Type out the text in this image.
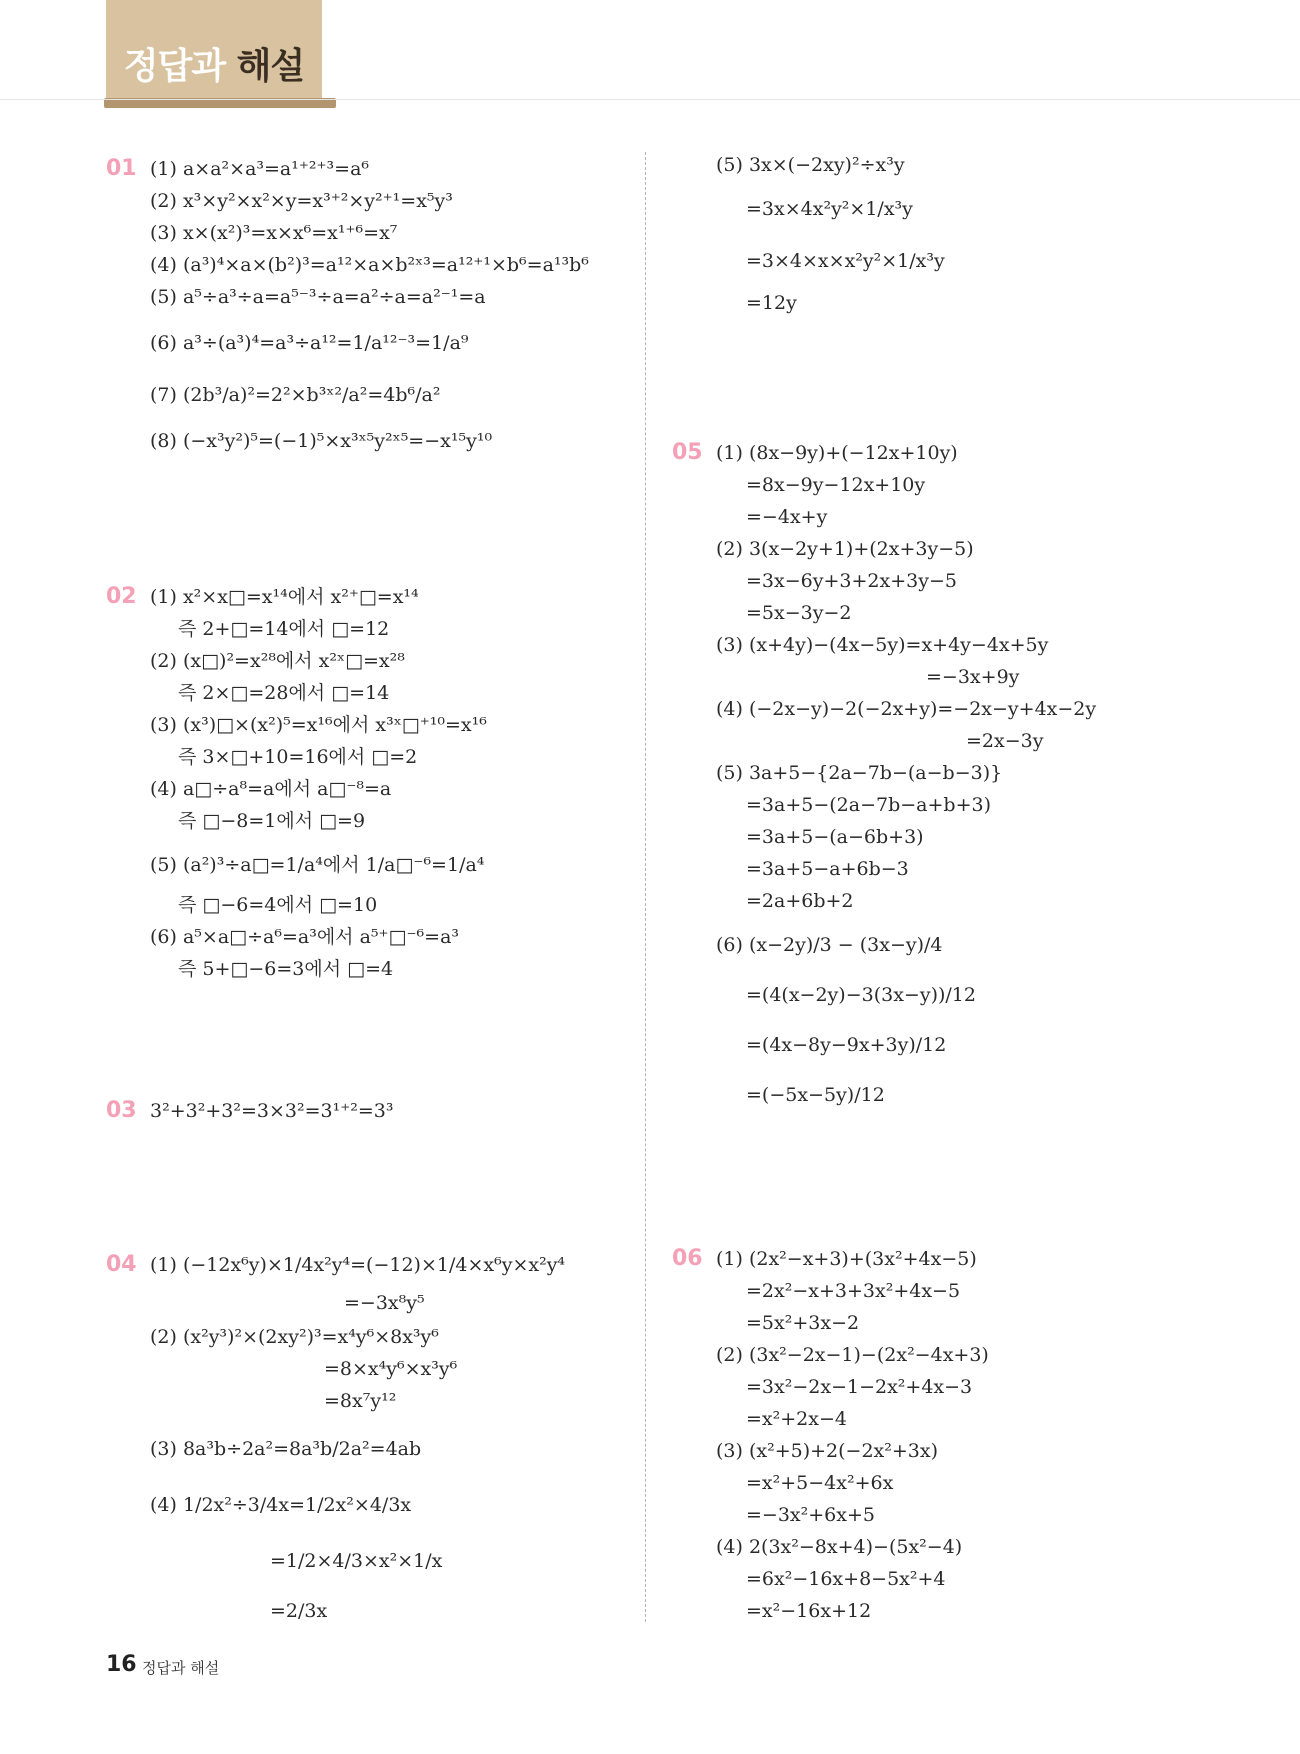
정답과 해설
01 (1) a×a²×a³=a¹⁺²⁺³=a⁶
(2) x³×y²×x²×y=x³⁺²×y²⁺¹=x⁵y³
(3) x×(x²)³=x×x⁶=x¹⁺⁶=x⁷
(4) (a³)⁴×a×(b²)³=a¹²×a×b²ˣ³=a¹²⁺¹×b⁶=a¹³b⁶
(5) a⁵÷a³÷a=a⁵⁻³÷a=a²÷a=a²⁻¹=a
(6) a³÷(a³)⁴=a³÷a¹²=1/a¹²⁻³=1/a⁹
(7) (2b³/a)²=2²×b³ˣ²/a²=4b⁶/a²
(8) (−x³y²)⁵=(−1)⁵×x³ˣ⁵y²ˣ⁵=−x¹⁵y¹⁰
02 (1) x²×x□=x¹⁴에서 x²⁺□=x¹⁴
즉 2+□=14에서 □=12
(2) (x□)²=x²⁸에서 x²ˣ□=x²⁸
즉 2×□=28에서 □=14
(3) (x³)□×(x²)⁵=x¹⁶에서 x³ˣ□⁺¹⁰=x¹⁶
즉 3×□+10=16에서 □=2
(4) a□÷a⁸=a에서 a□⁻⁸=a
즉 □−8=1에서 □=9
(5) (a²)³÷a□=1/a⁴에서 1/a□⁻⁶=1/a⁴
즉 □−6=4에서 □=10
(6) a⁵×a□÷a⁶=a³에서 a⁵⁺□⁻⁶=a³
즉 5+□−6=3에서 □=4
03 3²+3²+3²=3×3²=3¹⁺²=3³
04 (1) (−12x⁶y)×1/4x²y⁴=(−12)×1/4×x⁶y×x²y⁴
=−3x⁸y⁵
(2) (x²y³)²×(2xy²)³=x⁴y⁶×8x³y⁶
=8×x⁴y⁶×x³y⁶
=8x⁷y¹²
(3) 8a³b÷2a²=8a³b/2a²=4ab
(4) 1/2x²÷3/4x=1/2x²×4/3x
=1/2×4/3×x²×1/x
=2/3x
(5) 3x×(−2xy)²÷x³y
=3x×4x²y²×1/x³y
=3×4×x×x²y²×1/x³y
=12y
05 (1) (8x−9y)+(−12x+10y)
=8x−9y−12x+10y
=−4x+y
(2) 3(x−2y+1)+(2x+3y−5)
=3x−6y+3+2x+3y−5
=5x−3y−2
(3) (x+4y)−(4x−5y)=x+4y−4x+5y
=−3x+9y
(4) (−2x−y)−2(−2x+y)=−2x−y+4x−2y
=2x−3y
(5) 3a+5−{2a−7b−(a−b−3)}
=3a+5−(2a−7b−a+b+3)
=3a+5−(a−6b+3)
=3a+5−a+6b−3
=2a+6b+2
(6) (x−2y)/3 − (3x−y)/4
=(4(x−2y)−3(3x−y))/12
=(4x−8y−9x+3y)/12
=(−5x−5y)/12
06 (1) (2x²−x+3)+(3x²+4x−5)
=2x²−x+3+3x²+4x−5
=5x²+3x−2
(2) (3x²−2x−1)−(2x²−4x+3)
=3x²−2x−1−2x²+4x−3
=x²+2x−4
(3) (x²+5)+2(−2x²+3x)
=x²+5−4x²+6x
=−3x²+6x+5
(4) 2(3x²−8x+4)−(5x²−4)
=6x²−16x+8−5x²+4
=x²−16x+12
16 정답과 해설
